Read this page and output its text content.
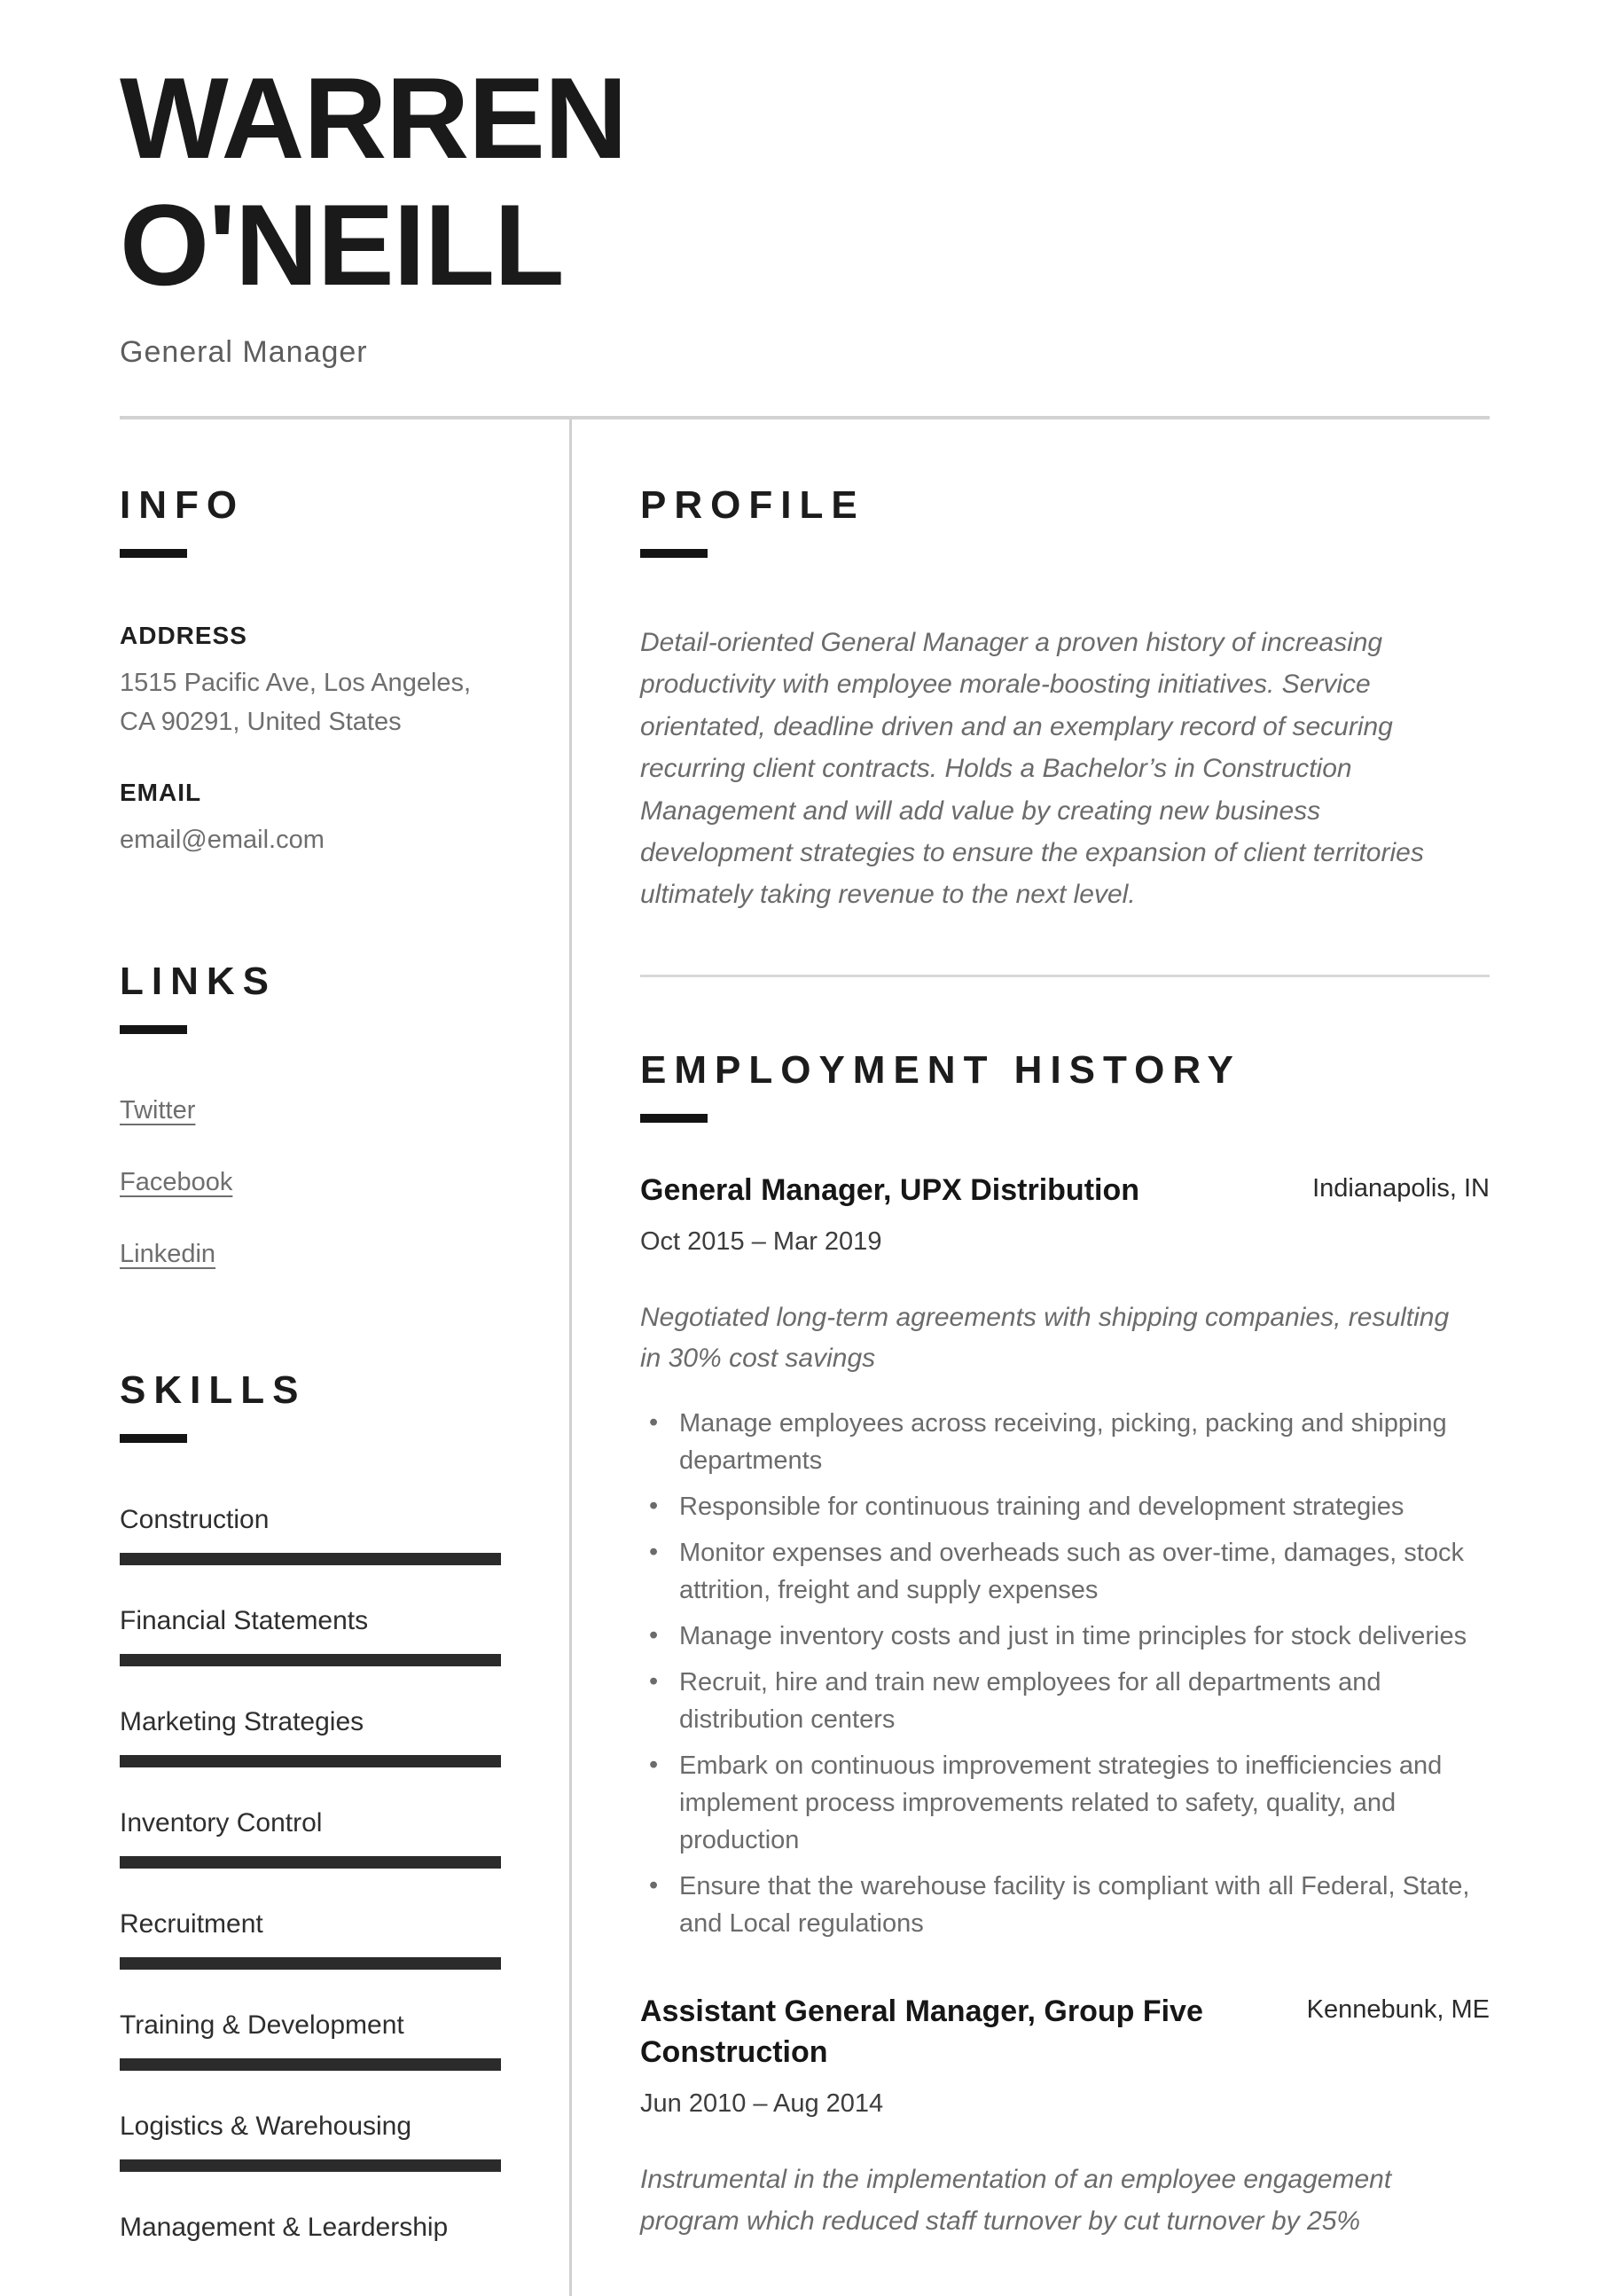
WARREN
O'NEILL
General Manager
INFO
ADDRESS
1515 Pacific Ave, Los Angeles,
CA 90291, United States
EMAIL
email@email.com
LINKS
Twitter
Facebook
Linkedin
SKILLS
Construction
Financial Statements
Marketing Strategies
Inventory Control
Recruitment
Training & Development
Logistics & Warehousing
Management & Leardership
PROFILE

Detail-oriented General Manager a proven history of increasing productivity with employee morale-boosting initiatives. Service orientated, deadline driven and an exemplary record of securing recurring client contracts. Holds a Bachelor’s in Construction Management and will add value by creating new business development strategies to ensure the expansion of client territories ultimately taking revenue to the next level.

EMPLOYMENT HISTORY
General Manager, UPX Distribution	Indianapolis, IN
Oct 2015 – Mar 2019

Negotiated long-term agreements with shipping companies, resulting in 30% cost savings

• Manage employees across receiving, picking, packing and shipping departments
• Responsible for continuous training and development strategies
• Monitor expenses and overheads such as over-time, damages, stock attrition, freight and supply expenses
• Manage inventory costs and just in time principles for stock deliveries
• Recruit, hire and train new employees for all departments and distribution centers
• Embark on continuous improvement strategies to inefficiencies and implement process improvements related to safety, quality, and production
• Ensure that the warehouse facility is compliant with all Federal, State, and Local regulations
Assistant General Manager, Group Five Construction
Kennebunk, ME
Jun 2010 – Aug 2014

Instrumental in the implementation of an employee engagement program which reduced staff turnover by cut turnover by 25%
